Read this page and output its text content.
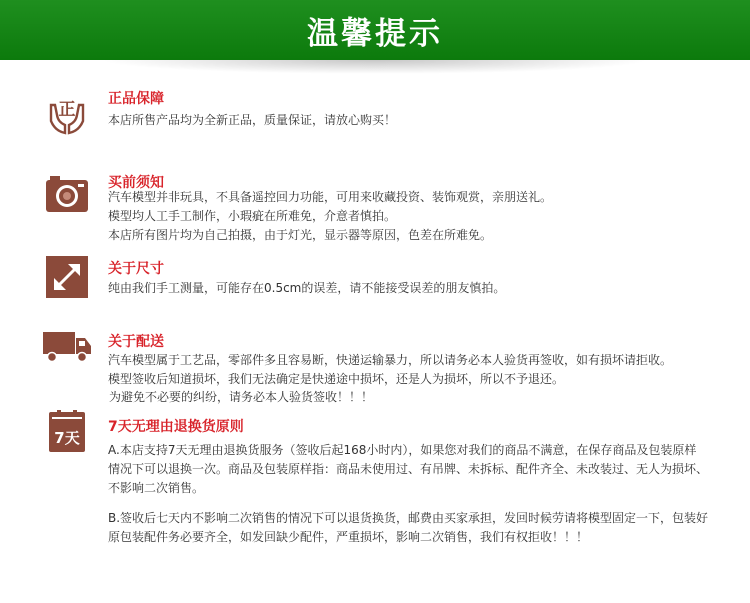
温馨提示
正

正品保障

本店所售产品均为全新正品，质量保证，请放心购买！

买前须知

汽车模型并非玩具，不具备遥控回力功能，可用来收藏投资、装饰观赏，亲朋送礼。

模型均人工手工制作，小瑕疵在所难免，介意者慎拍。

本店所有图片均为自己拍摄，由于灯光，显示器等原因，色差在所难免。

关于尺寸

纯由我们手工测量，可能存在0.5cm的误差，请不能接受误差的朋友慎拍。

关于配送

汽车模型属于工艺品，零部件多且容易断，快递运输暴力，所以请务必本人验货再签收，如有损坏请拒收。

模型签收后知道损坏，我们无法确定是快递途中损坏，还是人为损坏，所以不予退还。

为避免不必要的纠纷，请务必本人验货签收！！！

7天

7天无理由退换货原则

A.本店支持7天无理由退换货服务（签收后起168小时内），如果您对我们的商品不满意，在保存商品及包装原样

情况下可以退换一次。商品及包装原样指：商品未使用过、有吊牌、未拆标、配件齐全、未改装过、无人为损坏、

不影响二次销售。

B.签收后七天内不影响二次销售的情况下可以退货换货，邮费由买家承担，发回时候劳请将模型固定一下，包装好

原包装配件务必要齐全，如发回缺少配件，严重损坏，影响二次销售，我们有权拒收！！！
